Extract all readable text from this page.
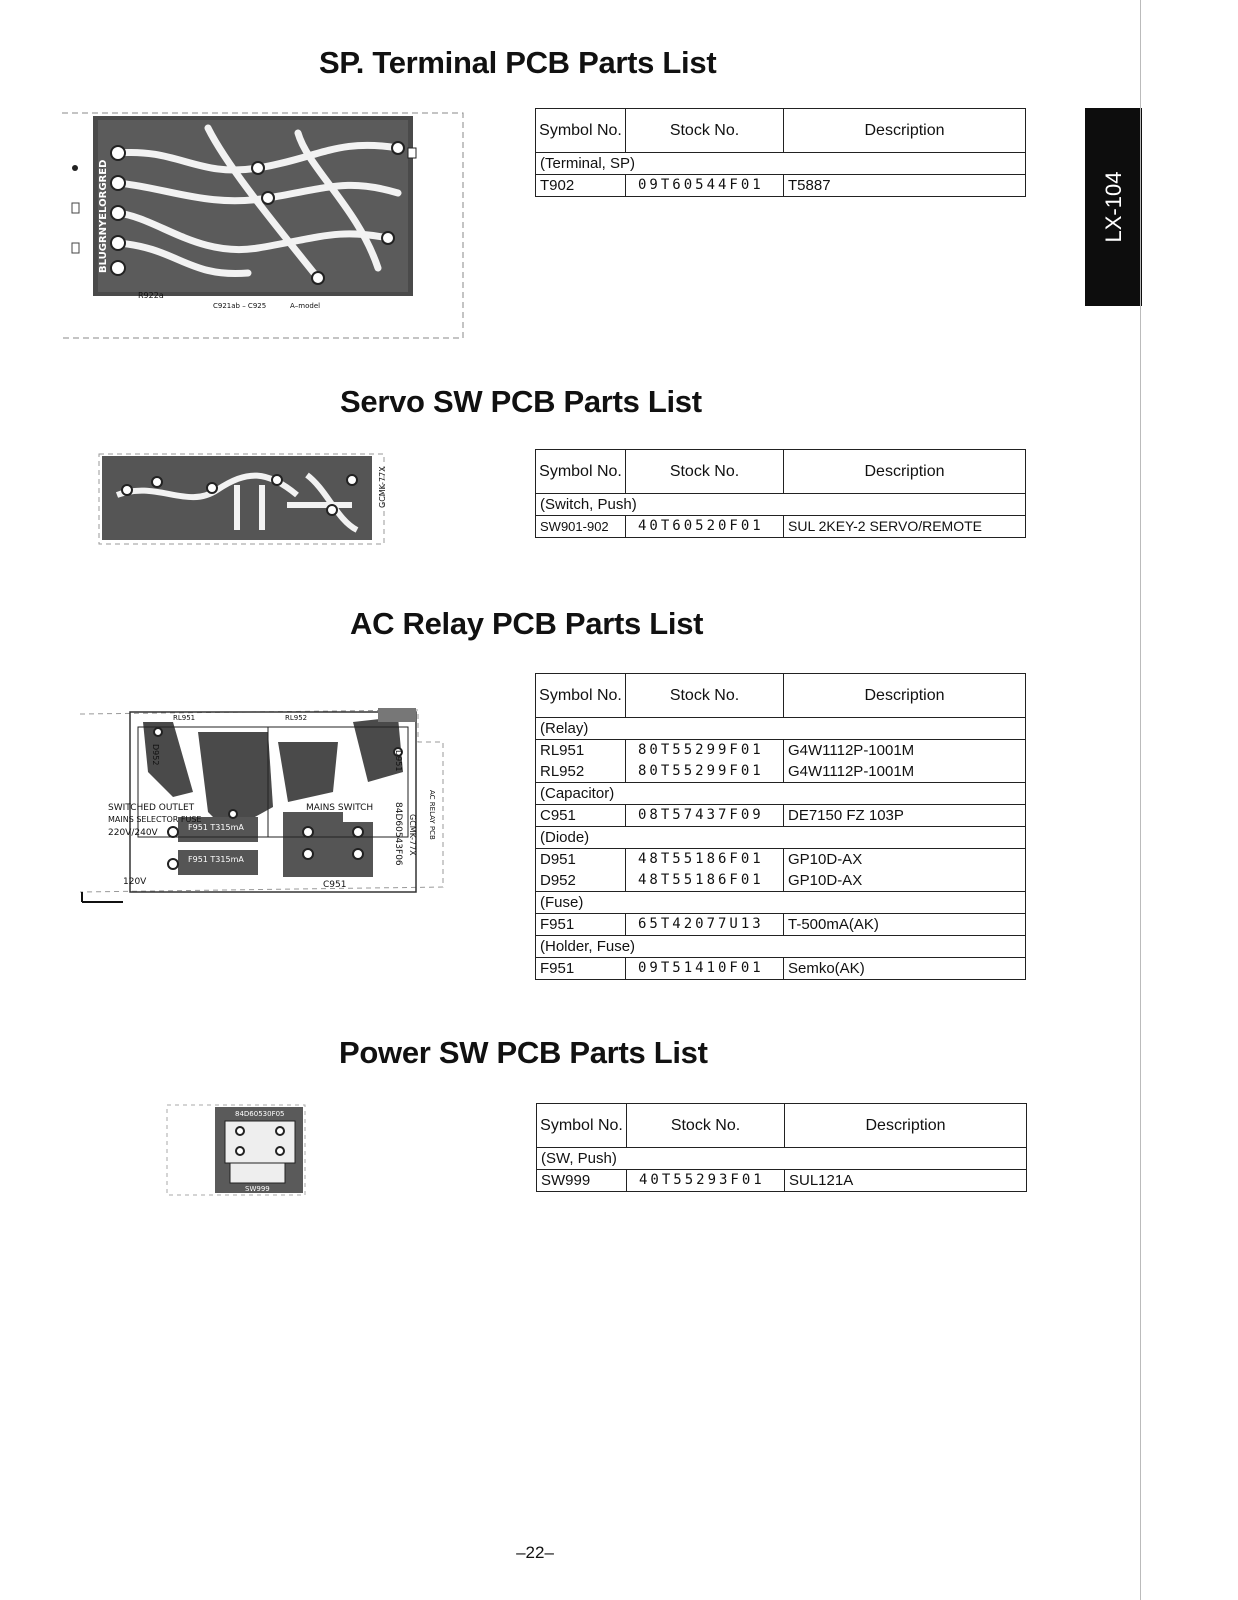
SP. Terminal PCB Parts List
Servo SW PCB Parts List
AC Relay PCB Parts List
Power SW PCB Parts List
BLUGRNYELORGRED
R922a
C921ab – C925	A–model
GCMK-77X
RL951	RL952
D952	D951
SWITCHED OUTLET
MAINS SELECTOR FUSE
220V/240V
F951 T315mA
F951 T315mA
120V
MAINS SWITCH
C951
84D60543F06 GCMK-77X AC RELAY PCB
84D60530F05
SW999
Symbol No.	Stock No.	Description
(Terminal, SP)		
T902	09T60544F01	T5887
Symbol No.	Stock No.	Description
(Switch, Push)		
SW901-902	40T60520F01	SUL 2KEY-2 SERVO/REMOTE
Symbol No.	Stock No.	Description
(Relay)		
RL951	80T55299F01	G4W1112P-1001M
RL952	80T55299F01	G4W1112P-1001M
(Capacitor)		
C951	08T57437F09	DE7150 FZ 103P
(Diode)		
D951	48T55186F01	GP10D-AX
D952	48T55186F01	GP10D-AX
(Fuse)		
F951	65T42077U13	T-500mA(AK)
(Holder, Fuse)		
F951	09T51410F01	Semko(AK)
Symbol No.	Stock No.	Description
(SW, Push)		
SW999	40T55293F01	SUL121A
LX-104
–22–
